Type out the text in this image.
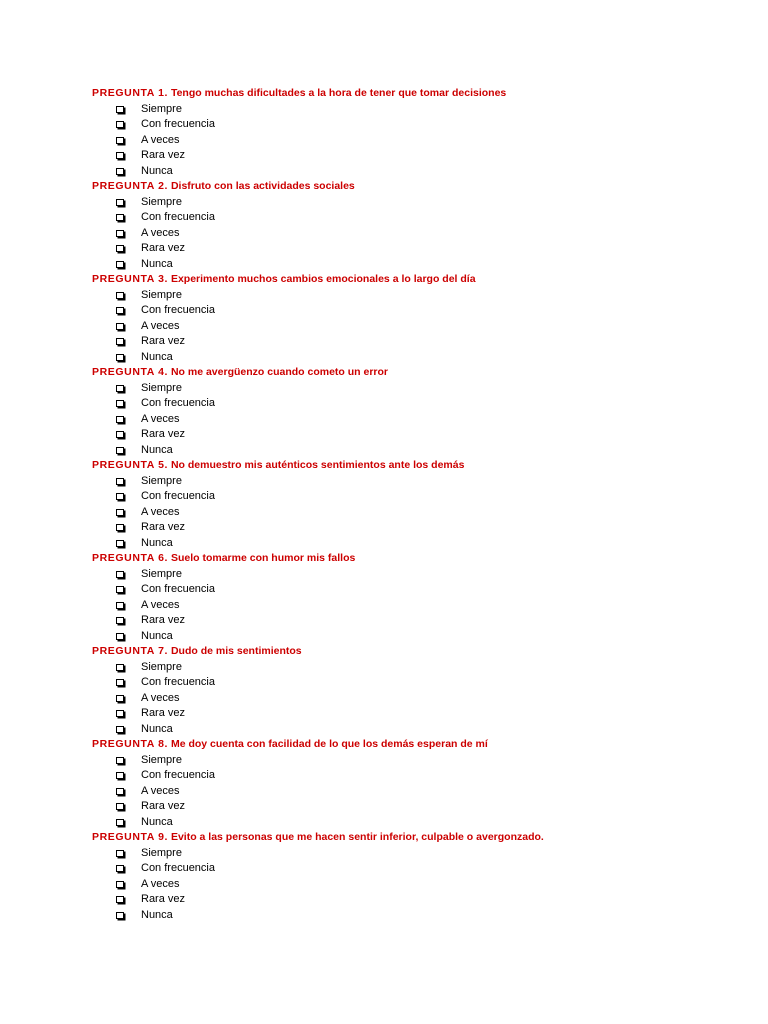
PREGUNTA 1. Tengo muchas dificultades a la hora de tener que tomar decisiones
Siempre
Con frecuencia
A veces
Rara vez
Nunca
PREGUNTA 2. Disfruto con las actividades sociales
Siempre
Con frecuencia
A veces
Rara vez
Nunca
PREGUNTA 3. Experimento muchos cambios emocionales a lo largo del día
Siempre
Con frecuencia
A veces
Rara vez
Nunca
PREGUNTA 4. No me avergüenzo cuando cometo un error
Siempre
Con frecuencia
A veces
Rara vez
Nunca
PREGUNTA 5. No demuestro mis auténticos sentimientos ante los demás
Siempre
Con frecuencia
A veces
Rara vez
Nunca
PREGUNTA 6. Suelo tomarme con humor mis fallos
Siempre
Con frecuencia
A veces
Rara vez
Nunca
PREGUNTA 7. Dudo de mis sentimientos
Siempre
Con frecuencia
A veces
Rara vez
Nunca
PREGUNTA 8. Me doy cuenta con facilidad de lo que los demás esperan de mí
Siempre
Con frecuencia
A veces
Rara vez
Nunca
PREGUNTA 9. Evito a las personas que me hacen sentir inferior, culpable o avergonzado.
Siempre
Con frecuencia
A veces
Rara vez
Nunca
